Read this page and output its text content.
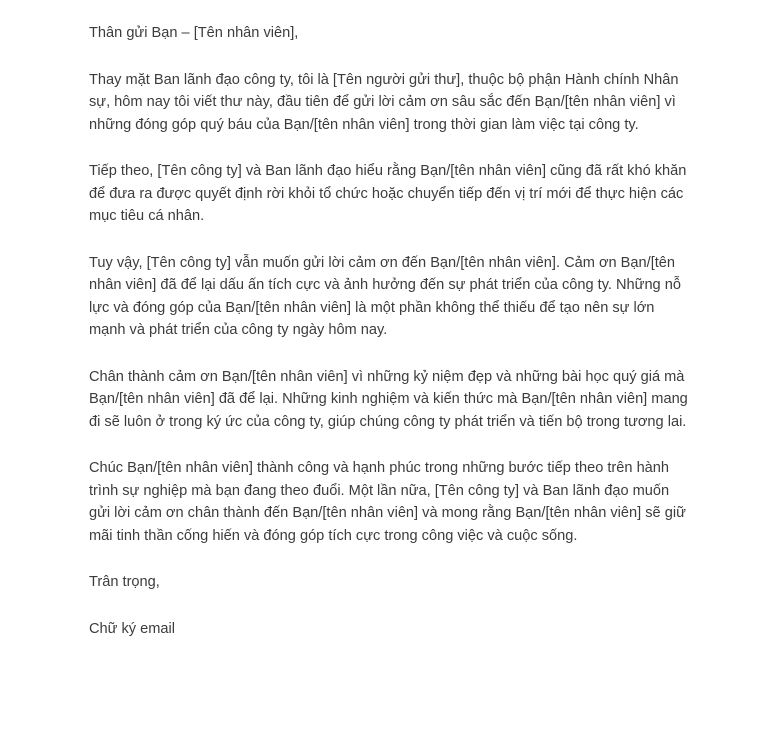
Thân gửi Bạn – [Tên nhân viên],

Thay mặt Ban lãnh đạo công ty, tôi là [Tên người gửi thư], thuộc bộ phận Hành chính Nhân sự, hôm nay tôi viết thư này, đầu tiên để gửi lời cảm ơn sâu sắc đến Bạn/[tên nhân viên] vì những đóng góp quý báu của Bạn/[tên nhân viên] trong thời gian làm việc tại công ty.

Tiếp theo, [Tên công ty] và Ban lãnh đạo hiểu rằng Bạn/[tên nhân viên] cũng đã rất khó khăn để đưa ra được quyết định rời khỏi tổ chức hoặc chuyển tiếp đến vị trí mới để thực hiện các mục tiêu cá nhân.

Tuy vậy, [Tên công ty] vẫn muốn gửi lời cảm ơn đến Bạn/[tên nhân viên]. Cảm ơn Bạn/[tên nhân viên] đã để lại dấu ấn tích cực và ảnh hưởng đến sự phát triển của công ty. Những nỗ lực và đóng góp của Bạn/[tên nhân viên] là một phần không thể thiếu để tạo nên sự lớn mạnh và phát triển của công ty ngày hôm nay.

Chân thành cảm ơn Bạn/[tên nhân viên] vì những kỷ niệm đẹp và những bài học quý giá mà Bạn/[tên nhân viên] đã để lại. Những kinh nghiệm và kiến thức mà Bạn/[tên nhân viên] mang đi sẽ luôn ở trong ký ức của công ty, giúp chúng công ty phát triển và tiến bộ trong tương lai.

Chúc Bạn/[tên nhân viên] thành công và hạnh phúc trong những bước tiếp theo trên hành trình sự nghiệp mà bạn đang theo đuổi. Một lần nữa, [Tên công ty] và Ban lãnh đạo muốn gửi lời cảm ơn chân thành đến Bạn/[tên nhân viên] và mong rằng Bạn/[tên nhân viên] sẽ giữ mãi tinh thần cống hiến và đóng góp tích cực trong công việc và cuộc sống.

Trân trọng,

Chữ ký email
